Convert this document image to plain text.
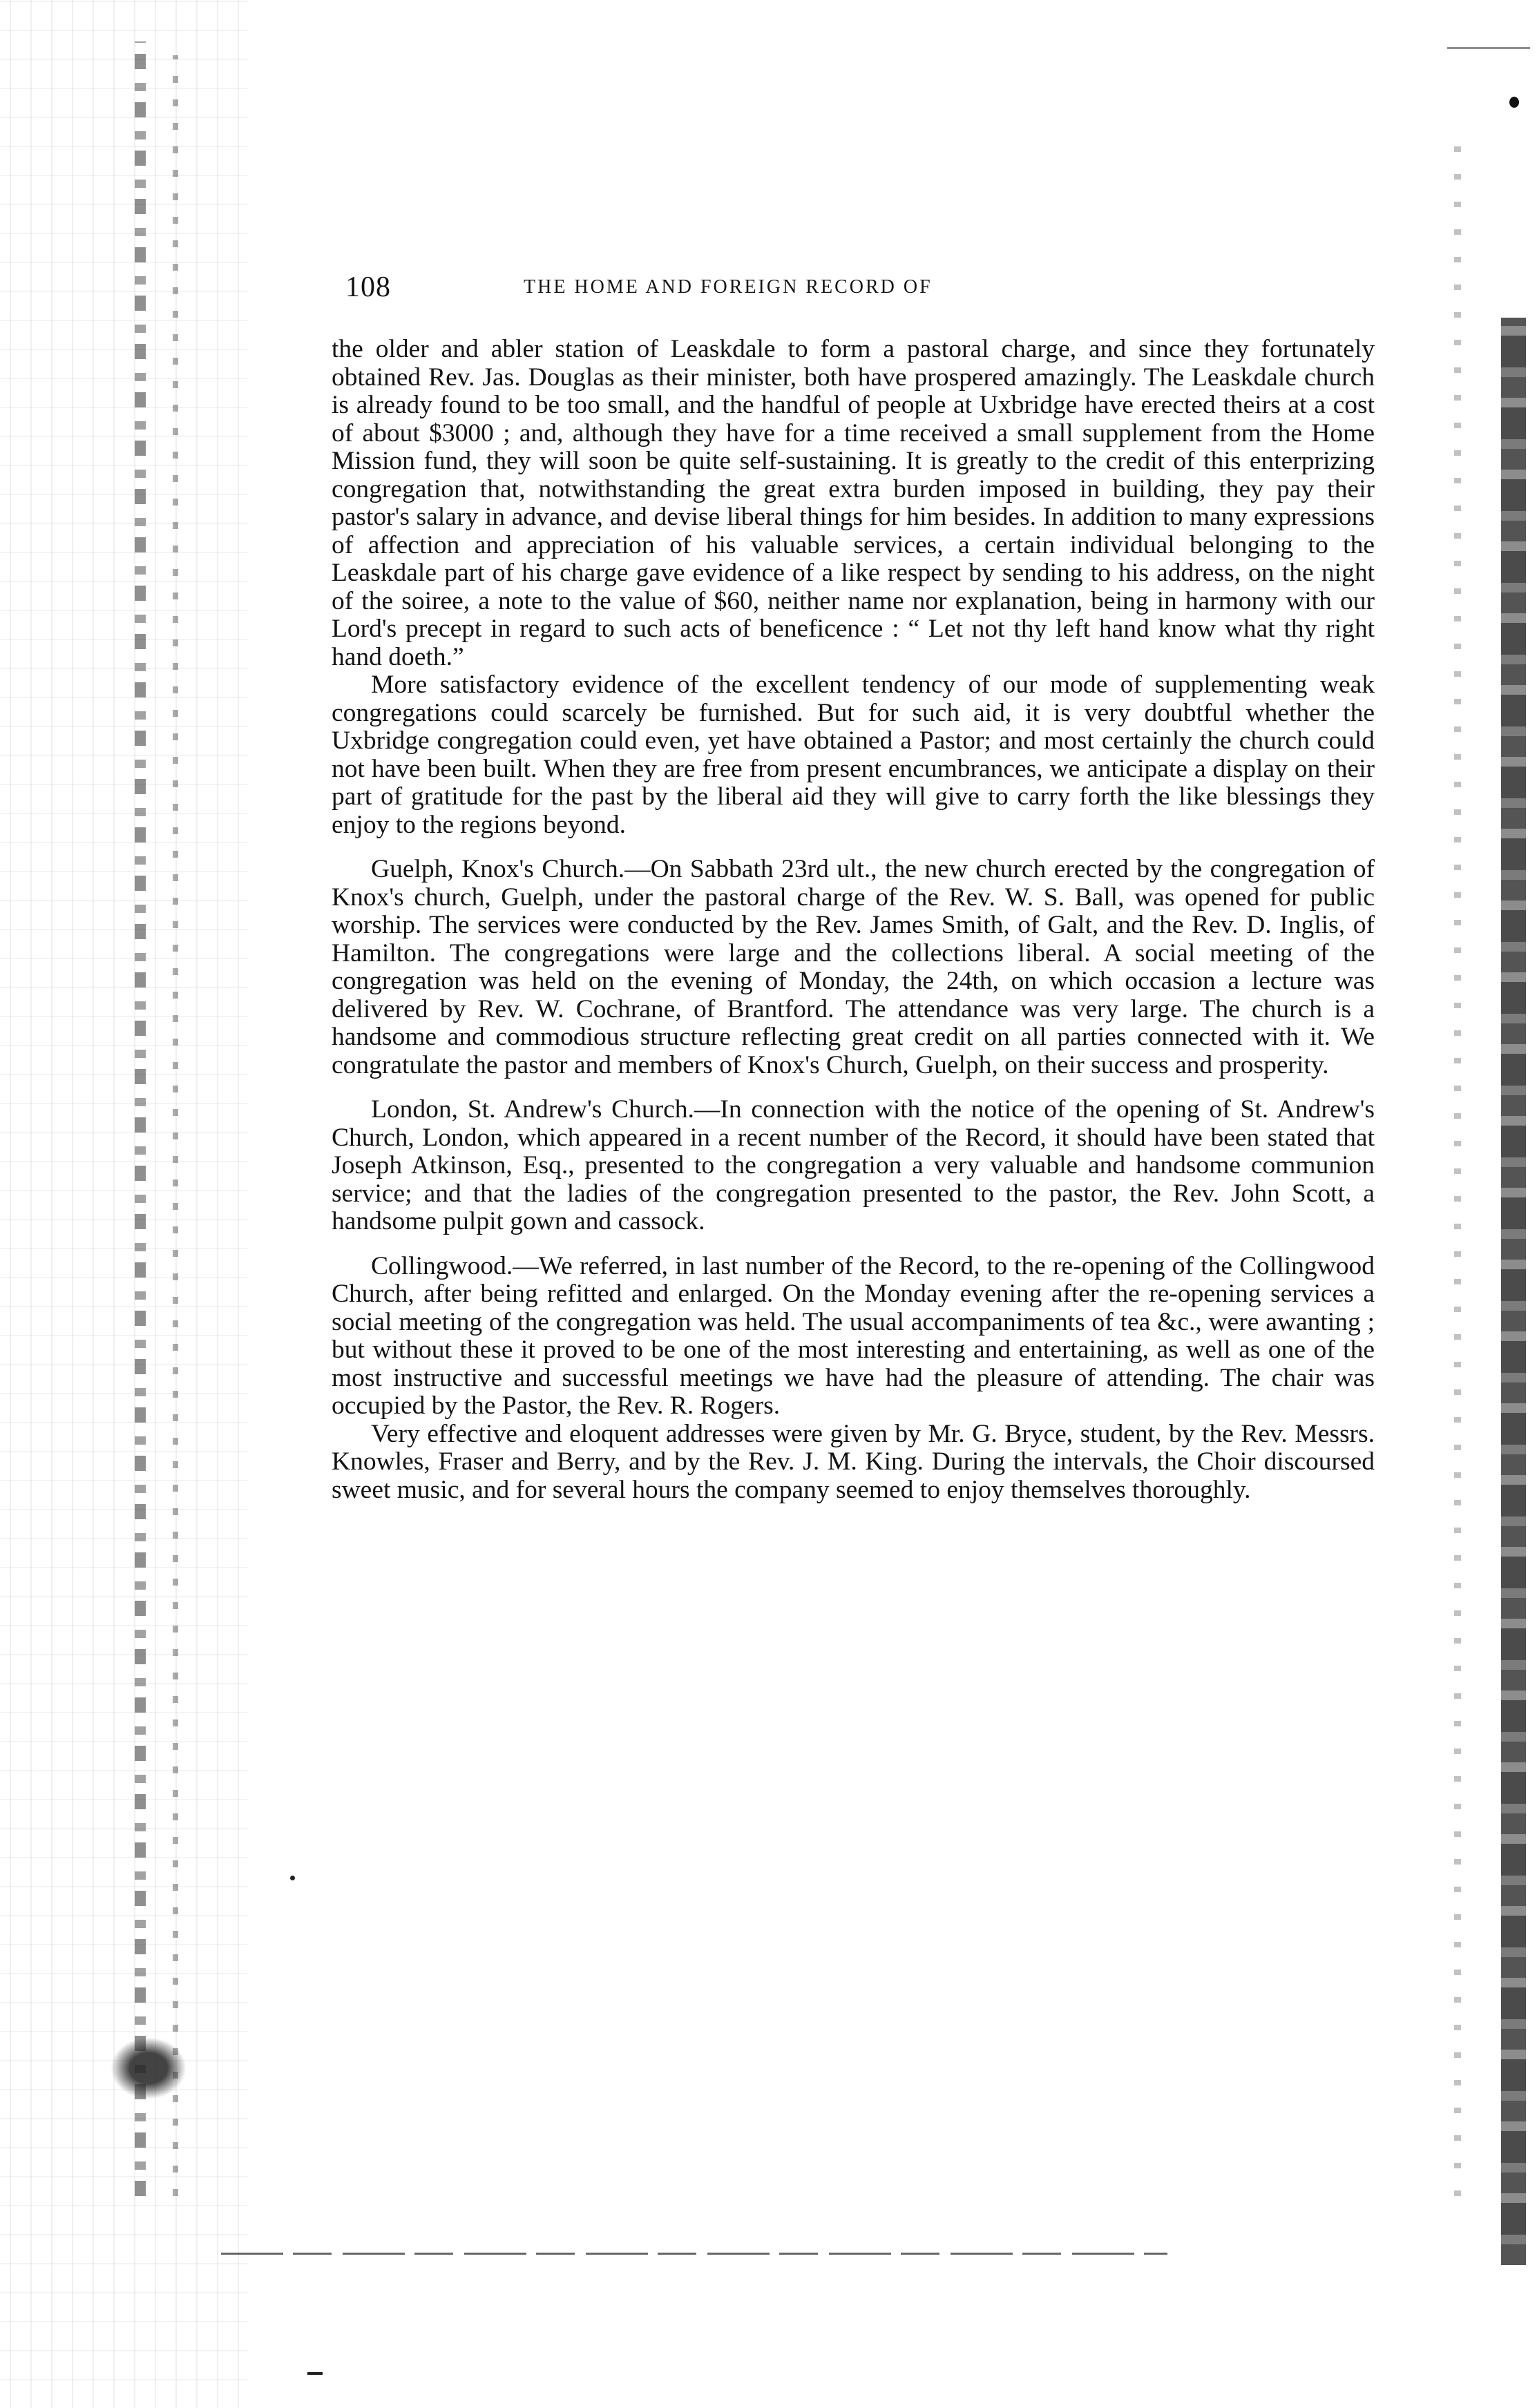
108	THE HOME AND FOREIGN RECORD OF

the older and abler station of Leaskdale to form a pastoral charge, and since they fortunately obtained Rev. Jas. Douglas as their minister, both have prospered amazingly. The Leaskdale church is already found to be too small, and the handful of people at Uxbridge have erected theirs at a cost of about $3000 ; and, although they have for a time received a small supplement from the Home Mission fund, they will soon be quite self-sustaining. It is greatly to the credit of this enterprizing congregation that, notwithstanding the great extra burden imposed in building, they pay their pastor's salary in advance, and devise liberal things for him besides. In addition to many expressions of affection and appreciation of his valuable services, a certain individual belonging to the Leaskdale part of his charge gave evidence of a like respect by sending to his address, on the night of the soiree, a note to the value of $60, neither name nor explanation, being in harmony with our Lord's precept in regard to such acts of beneficence : “ Let not thy left hand know what thy right hand doeth.”

More satisfactory evidence of the excellent tendency of our mode of supplementing weak congregations could scarcely be furnished. But for such aid, it is very doubtful whether the Uxbridge congregation could even, yet have obtained a Pastor; and most certainly the church could not have been built. When they are free from present encumbrances, we anticipate a display on their part of gratitude for the past by the liberal aid they will give to carry forth the like blessings they enjoy to the regions beyond.

Guelph, Knox's Church.—On Sabbath 23rd ult., the new church erected by the congregation of Knox's church, Guelph, under the pastoral charge of the Rev. W. S. Ball, was opened for public worship. The services were conducted by the Rev. James Smith, of Galt, and the Rev. D. Inglis, of Hamilton. The congregations were large and the collections liberal. A social meeting of the congregation was held on the evening of Monday, the 24th, on which occasion a lecture was delivered by Rev. W. Cochrane, of Brantford. The attendance was very large. The church is a handsome and commodious structure reflecting great credit on all parties connected with it. We congratulate the pastor and members of Knox's Church, Guelph, on their success and prosperity.

London, St. Andrew's Church.—In connection with the notice of the opening of St. Andrew's Church, London, which appeared in a recent number of the Record, it should have been stated that Joseph Atkinson, Esq., presented to the congregation a very valuable and handsome communion service; and that the ladies of the congregation presented to the pastor, the Rev. John Scott, a handsome pulpit gown and cassock.

Collingwood.—We referred, in last number of the Record, to the re-opening of the Collingwood Church, after being refitted and enlarged. On the Monday evening after the re-opening services a social meeting of the congregation was held. The usual accompaniments of tea &c., were awanting ; but without these it proved to be one of the most interesting and entertaining, as well as one of the most instructive and successful meetings we have had the pleasure of attending. The chair was occupied by the Pastor, the Rev. R. Rogers.

Very effective and eloquent addresses were given by Mr. G. Bryce, student, by the Rev. Messrs. Knowles, Fraser and Berry, and by the Rev. J. M. King. During the intervals, the Choir discoursed sweet music, and for several hours the company seemed to enjoy themselves thoroughly.
